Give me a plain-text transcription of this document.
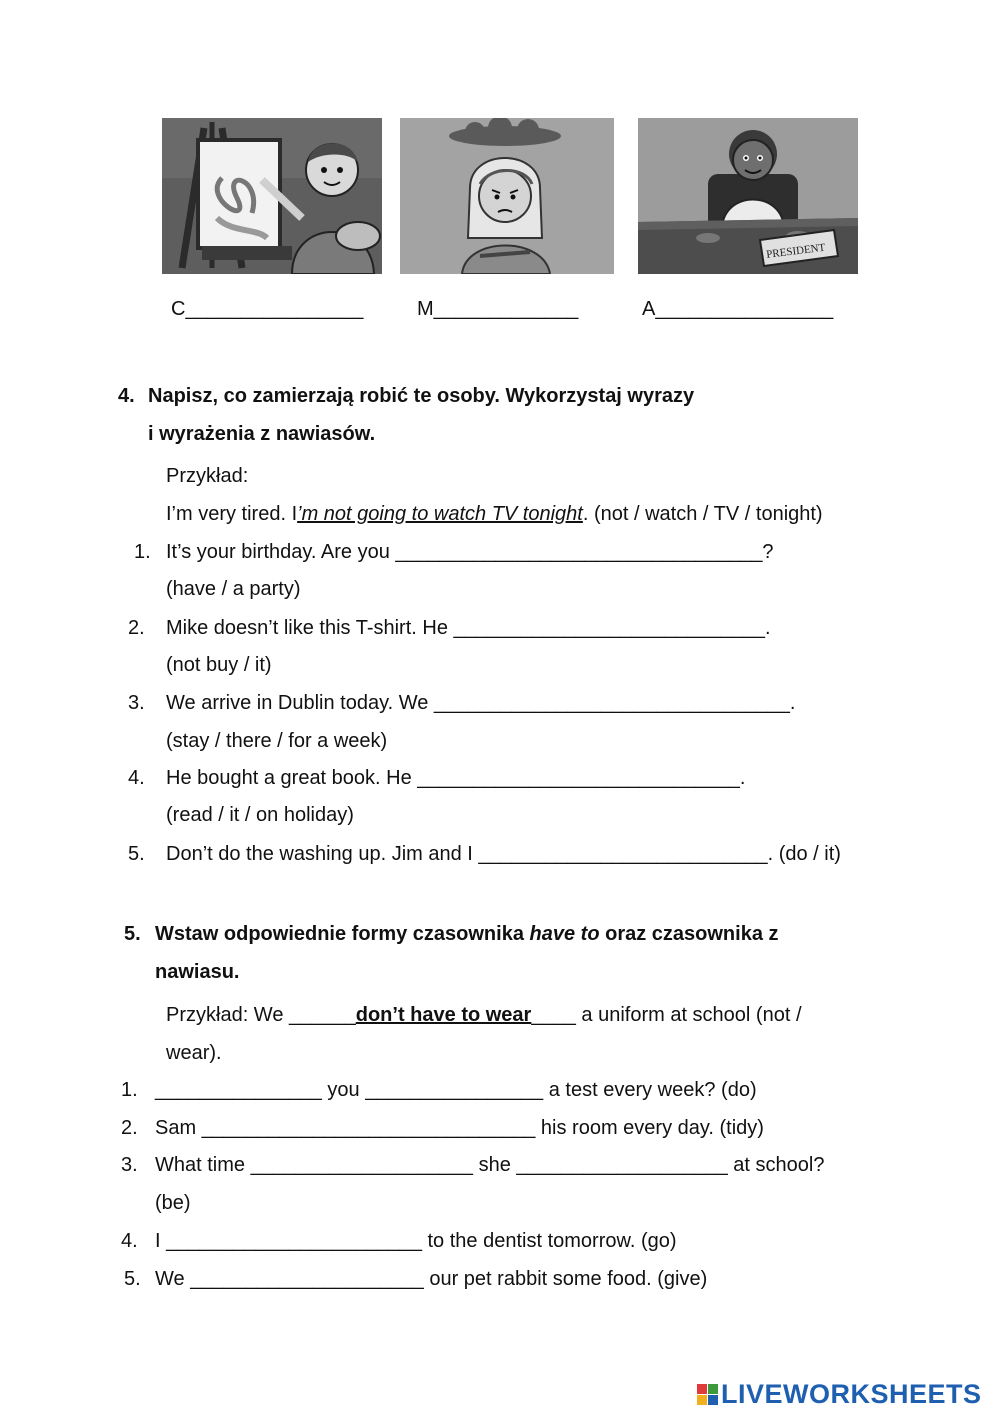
PRESIDENT
C________________	M_____________	A________________
4. Napisz, co zamierzają robić te osoby. Wykorzystaj wyrazy
i wyrażenia z nawiasów.
Przykład:
I’m very tired. I’m not going to watch TV tonight. (not / watch / TV / tonight)
1. It’s your birthday. Are you _________________________________?
(have / a party)
2. Mike doesn’t like this T-shirt. He ____________________________.
(not buy / it)
3. We arrive in Dublin today. We ________________________________.
(stay / there / for a week)
4. He bought a great book. He _____________________________.
(read / it / on holiday)
5. Don’t do the washing up. Jim and I __________________________. (do / it)
5. Wstaw odpowiednie formy czasownika have to oraz czasownika z
nawiasu.
Przykład: We ______don’t have to wear____ a uniform at school (not /
wear).
1. _______________ you ________________ a test every week? (do)
2. Sam ______________________________ his room every day. (tidy)
3. What time ____________________ she ___________________ at school?
(be)
4. I _______________________ to the dentist tomorrow. (go)
5. We _____________________ our pet rabbit some food. (give)
LIVEWORKSHEETS
